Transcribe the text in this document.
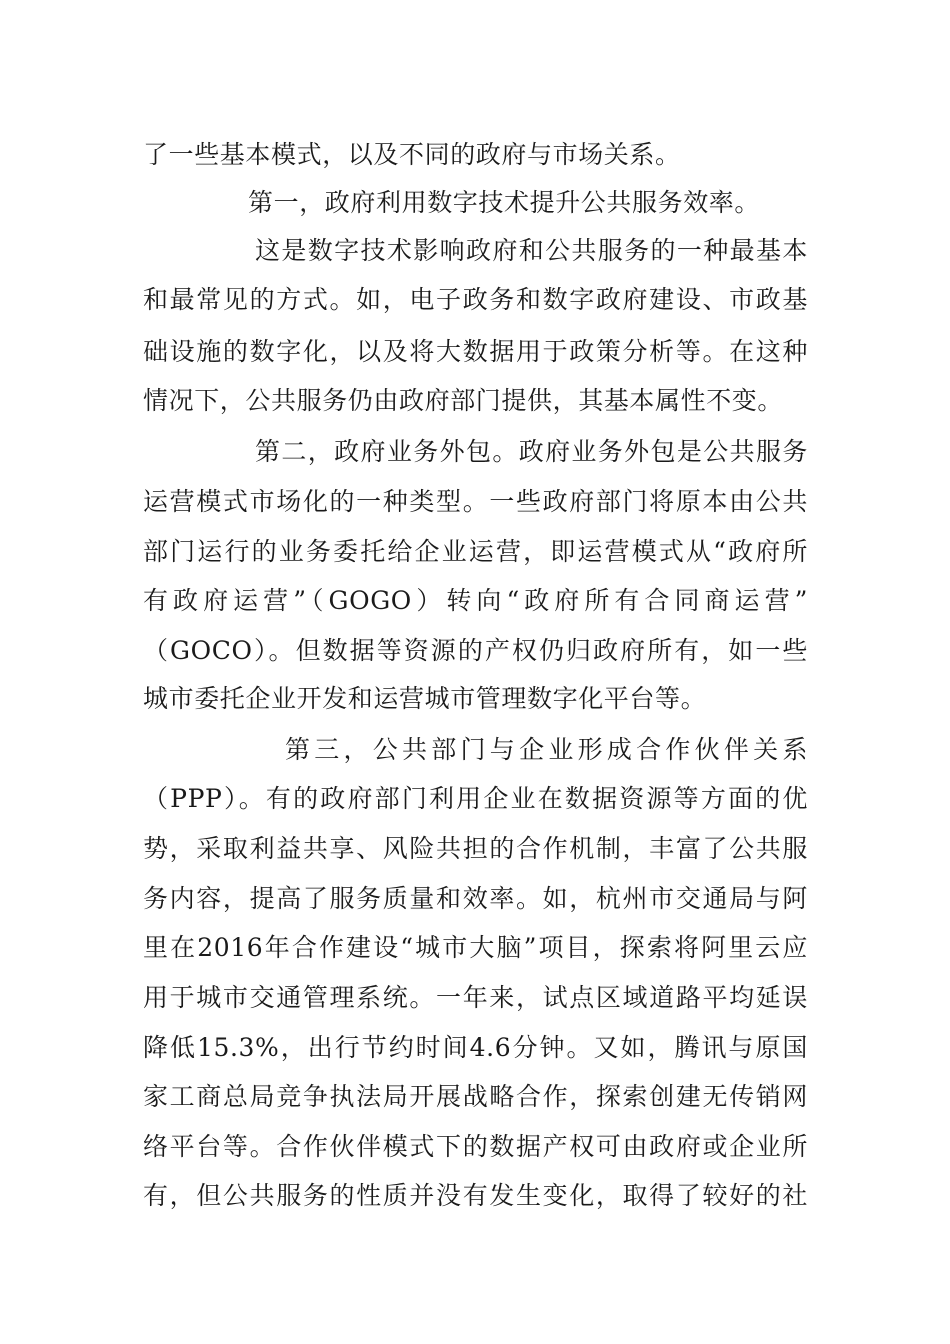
了一些基本模式，以及不同的政府与市场关系。
第一，政府利用数字技术提升公共服务效率。
这是数字技术影响政府和公共服务的一种最基本
和最常见的方式。如，电子政务和数字政府建设、市政基
础设施的数字化，以及将大数据用于政策分析等。在这种
情况下，公共服务仍由政府部门提供，其基本属性不变。
第二，政府业务外包。政府业务外包是公共服务
运营模式市场化的一种类型。一些政府部门将原本由公共
部门运行的业务委托给企业运营，即运营模式从“政府所
有政府运营”（GOGO）转向“政府所有合同商运营”
（GOCO）。但数据等资源的产权仍归政府所有，如一些
城市委托企业开发和运营城市管理数字化平台等。
第三，公共部门与企业形成合作伙伴关系
（PPP）。有的政府部门利用企业在数据资源等方面的优
势，采取利益共享、风险共担的合作机制，丰富了公共服
务内容，提高了服务质量和效率。如，杭州市交通局与阿
里在2016年合作建设“城市大脑”项目，探索将阿里云应
用于城市交通管理系统。一年来，试点区域道路平均延误
降低15.3%，出行节约时间4.6分钟。又如，腾讯与原国
家工商总局竞争执法局开展战略合作，探索创建无传销网
络平台等。合作伙伴模式下的数据产权可由政府或企业所
有，但公共服务的性质并没有发生变化，取得了较好的社
